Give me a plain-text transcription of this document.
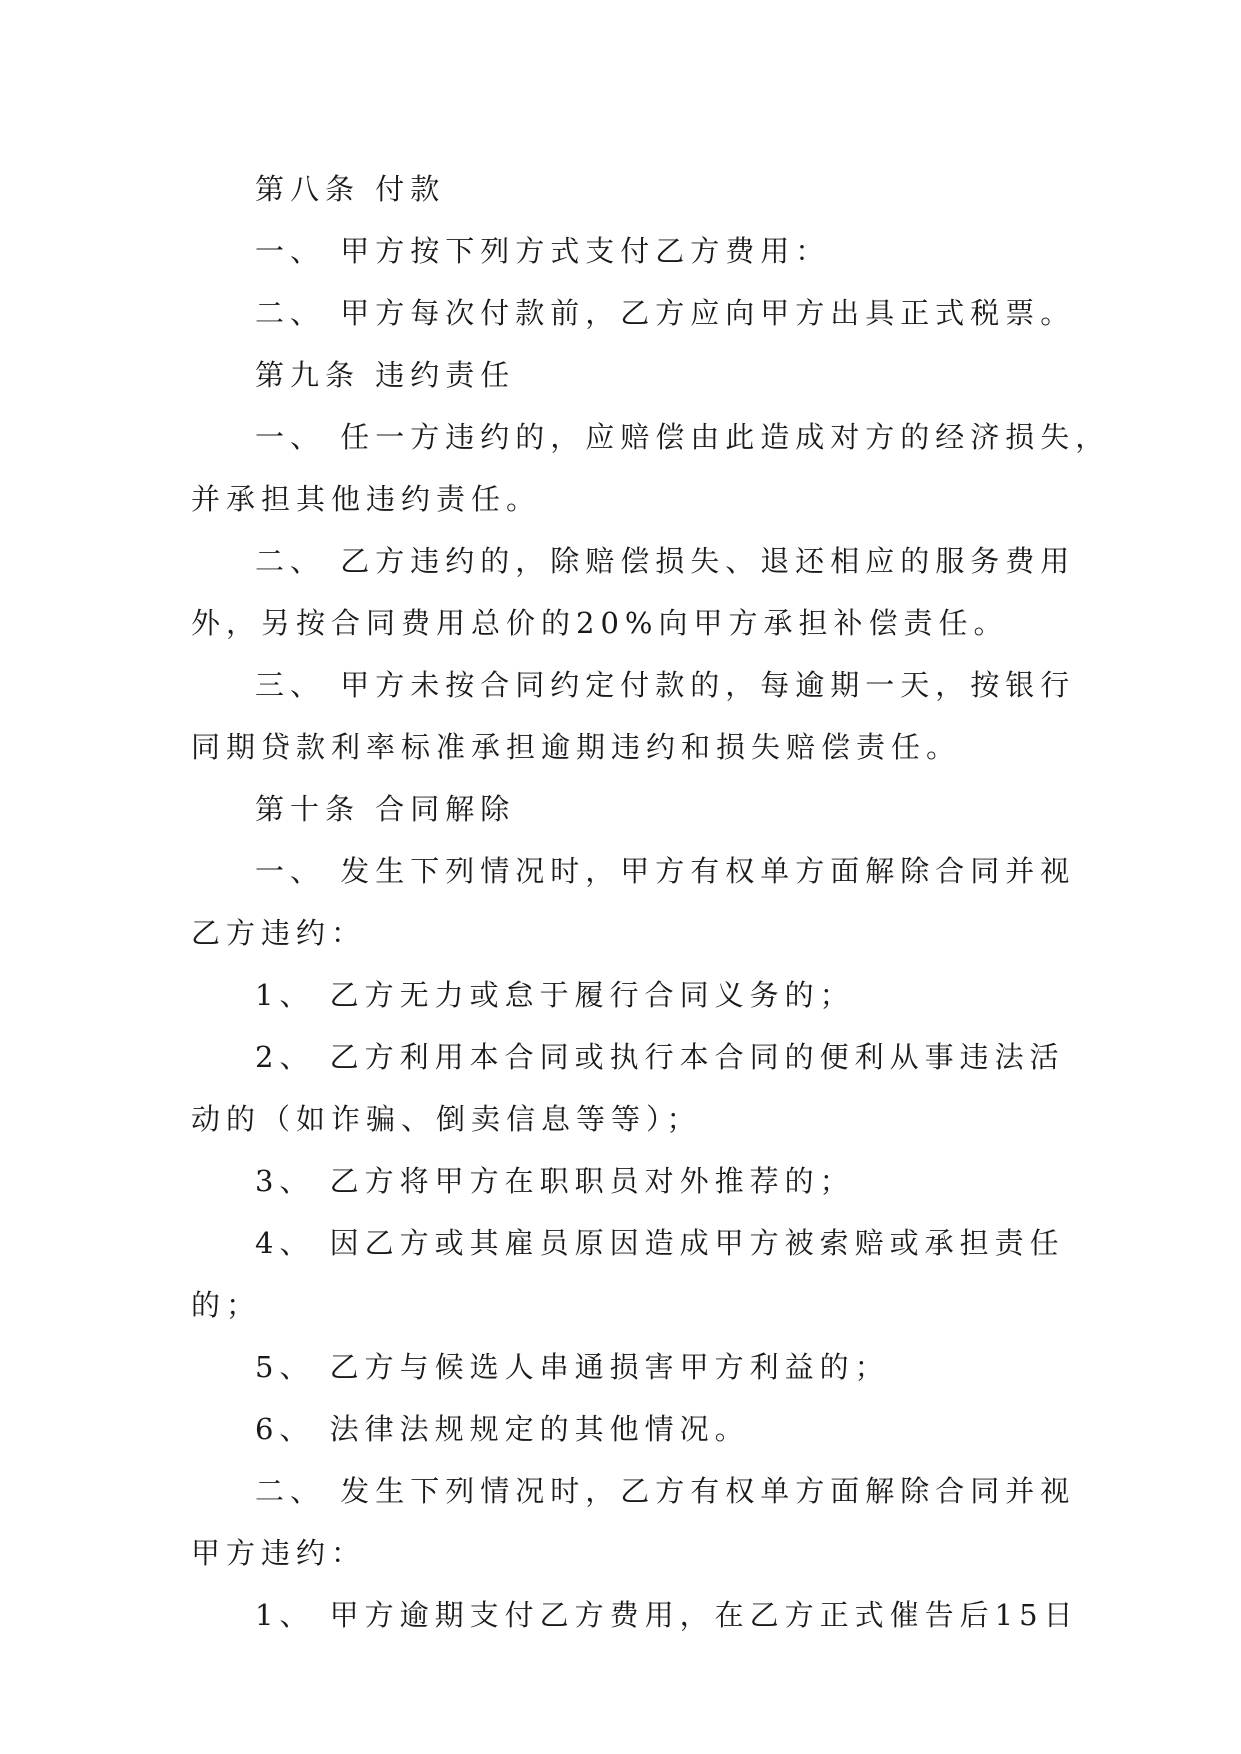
第八条 付款
一、 甲方按下列方式支付乙方费用：
二、 甲方每次付款前，乙方应向甲方出具正式税票。
第九条 违约责任
一、 任一方违约的，应赔偿由此造成对方的经济损失，
并承担其他违约责任。
二、 乙方违约的，除赔偿损失、退还相应的服务费用
外，另按合同费用总价的20%向甲方承担补偿责任。
三、 甲方未按合同约定付款的，每逾期一天，按银行
同期贷款利率标准承担逾期违约和损失赔偿责任。
第十条 合同解除
一、 发生下列情况时，甲方有权单方面解除合同并视
乙方违约：
1、 乙方无力或怠于履行合同义务的；
2、 乙方利用本合同或执行本合同的便利从事违法活
动的（如诈骗、倒卖信息等等）；
3、 乙方将甲方在职职员对外推荐的；
4、 因乙方或其雇员原因造成甲方被索赔或承担责任
的；
5、 乙方与候选人串通损害甲方利益的；
6、 法律法规规定的其他情况。
二、 发生下列情况时，乙方有权单方面解除合同并视
甲方违约：
1、 甲方逾期支付乙方费用，在乙方正式催告后15日
